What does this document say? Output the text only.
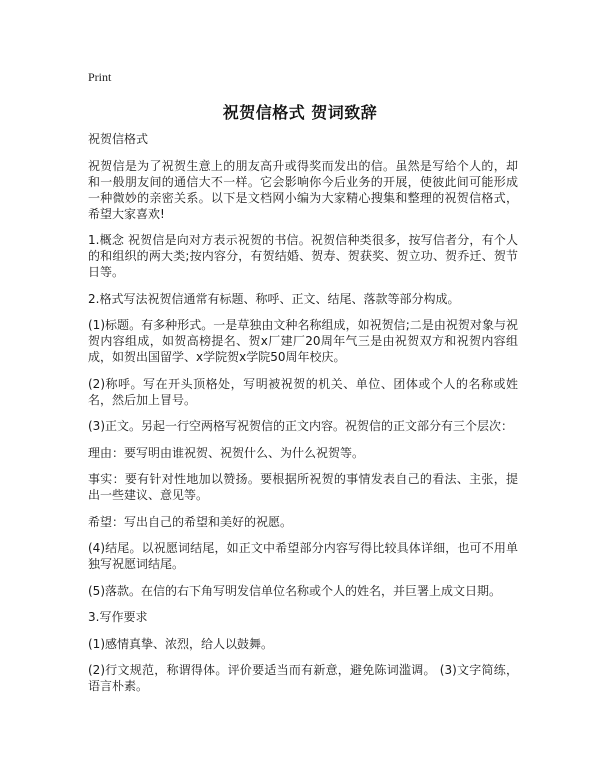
Print
祝贺信格式 贺词致辞

祝贺信格式

祝贺信是为了祝贺生意上的朋友高升或得奖而发出的信。虽然是写给个人的，却和一般朋友间的通信大不一样。它会影响你今后业务的开展，使彼此间可能形成一种微妙的亲密关系。以下是文档网小编为大家精心搜集和整理的祝贺信格式，希望大家喜欢!

1.概念 祝贺信是向对方表示祝贺的书信。祝贺信种类很多，按写信者分，有个人的和组织的两大类;按内容分，有贺结婚、贺寿、贺获奖、贺立功、贺乔迁、贺节日等。

2.格式写法祝贺信通常有标题、称呼、正文、结尾、落款等部分构成。

(1)标题。有多种形式。一是草独由文种名称组成，如祝贺信;二是由祝贺对象与祝贺内容组成，如贺高榜提名、贺x厂建厂20周年气三是由祝贺双方和祝贺内容组成，如贺出国留学、x学院贺x学院50周年校庆。

(2)称呼。写在开头顶格处，写明被祝贺的机关、单位、团体或个人的名称或姓名，然后加上冒号。

(3)正文。另起一行空两格写祝贺信的正文内容。祝贺信的正文部分有三个层次：

理由：要写明由谁祝贺、祝贺什么、为什么祝贺等。

事实：要有针对性地加以赞扬。要根据所祝贺的事情发表自己的看法、主张，提出一些建议、意见等。

希望：写出自己的希望和美好的祝愿。

(4)结尾。以祝愿词结尾，如正文中希望部分内容写得比较具体详细，也可不用单独写祝愿词结尾。

(5)落款。在信的右下角写明发信单位名称或个人的姓名，并巨署上成文日期。

3.写作要求

(1)感情真挚、浓烈，给人以鼓舞。

(2)行文规范，称谓得体。评价要适当而有新意，避免陈词滥调。 (3)文字简练，语言朴素。
